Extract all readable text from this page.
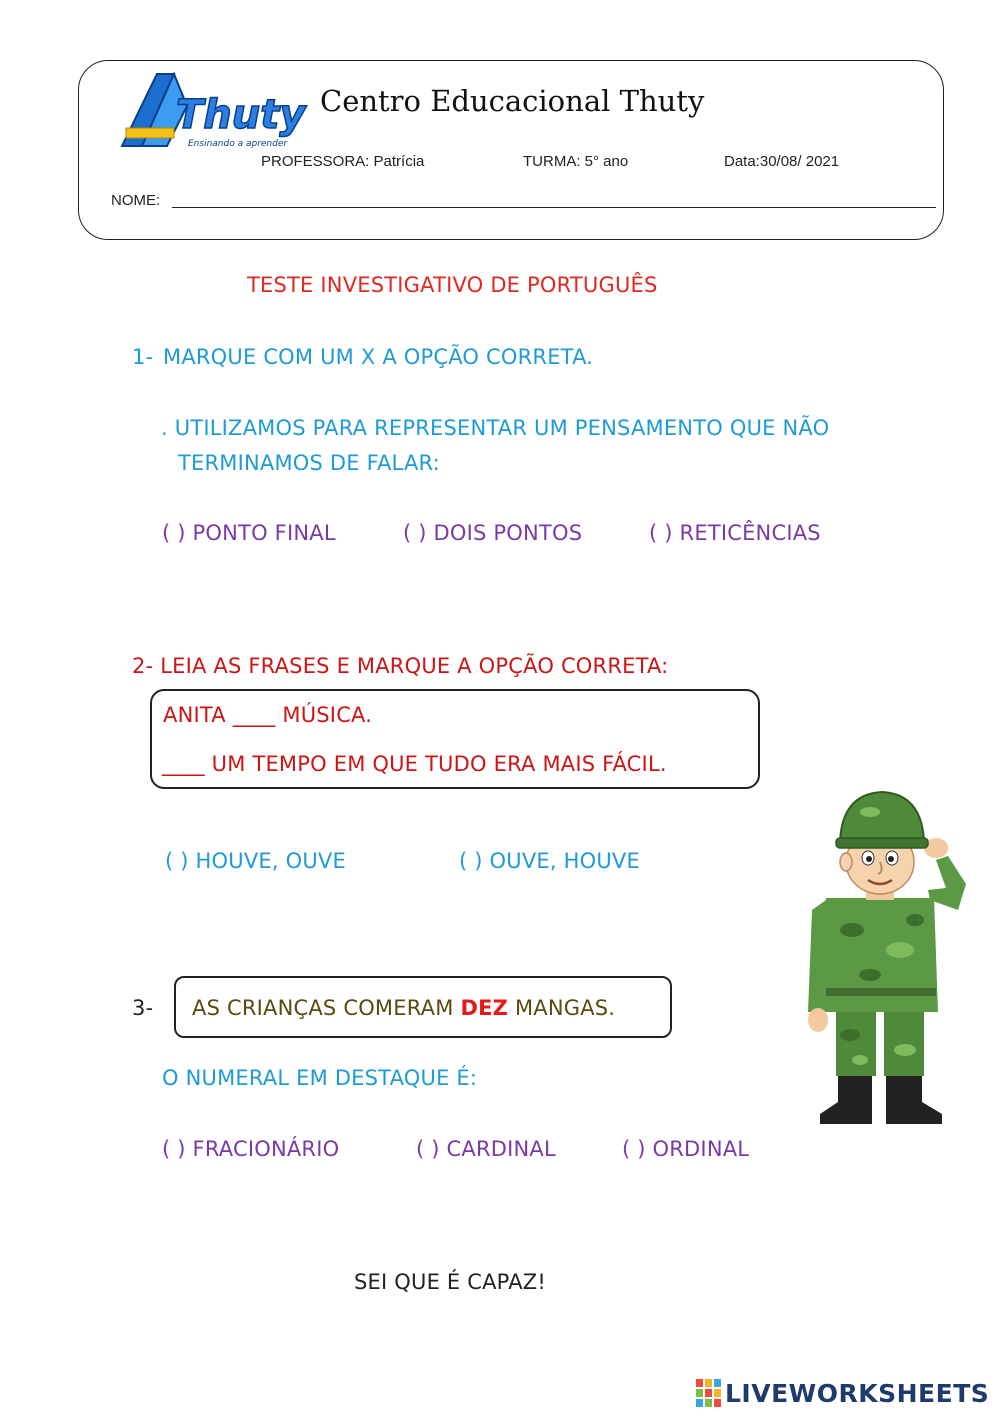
Thuty
Ensinando a aprender
Centro Educacional Thuty
PROFESSORA: Patrícia	TURMA: 5° ano	Data:30/08/ 2021
NOME:
TESTE INVESTIGATIVO DE PORTUGUÊS
1- MARQUE COM UM X A OPÇÃO CORRETA.
. UTILIZAMOS PARA REPRESENTAR UM PENSAMENTO QUE NÃO
TERMINAMOS DE FALAR:
( ) PONTO FINAL	( ) DOIS PONTOS	( ) RETICÊNCIAS
2- LEIA AS FRASES E MARQUE A OPÇÃO CORRETA:
ANITA ____ MÚSICA.
____ UM TEMPO EM QUE TUDO ERA MAIS FÁCIL.
( ) HOUVE, OUVE	( ) OUVE, HOUVE
3- AS CRIANÇAS COMERAM DEZ MANGAS.
O NUMERAL EM DESTAQUE É:
( ) FRACIONÁRIO	( ) CARDINAL	( ) ORDINAL
SEI QUE É CAPAZ!
LIVEWORKSHEETS
